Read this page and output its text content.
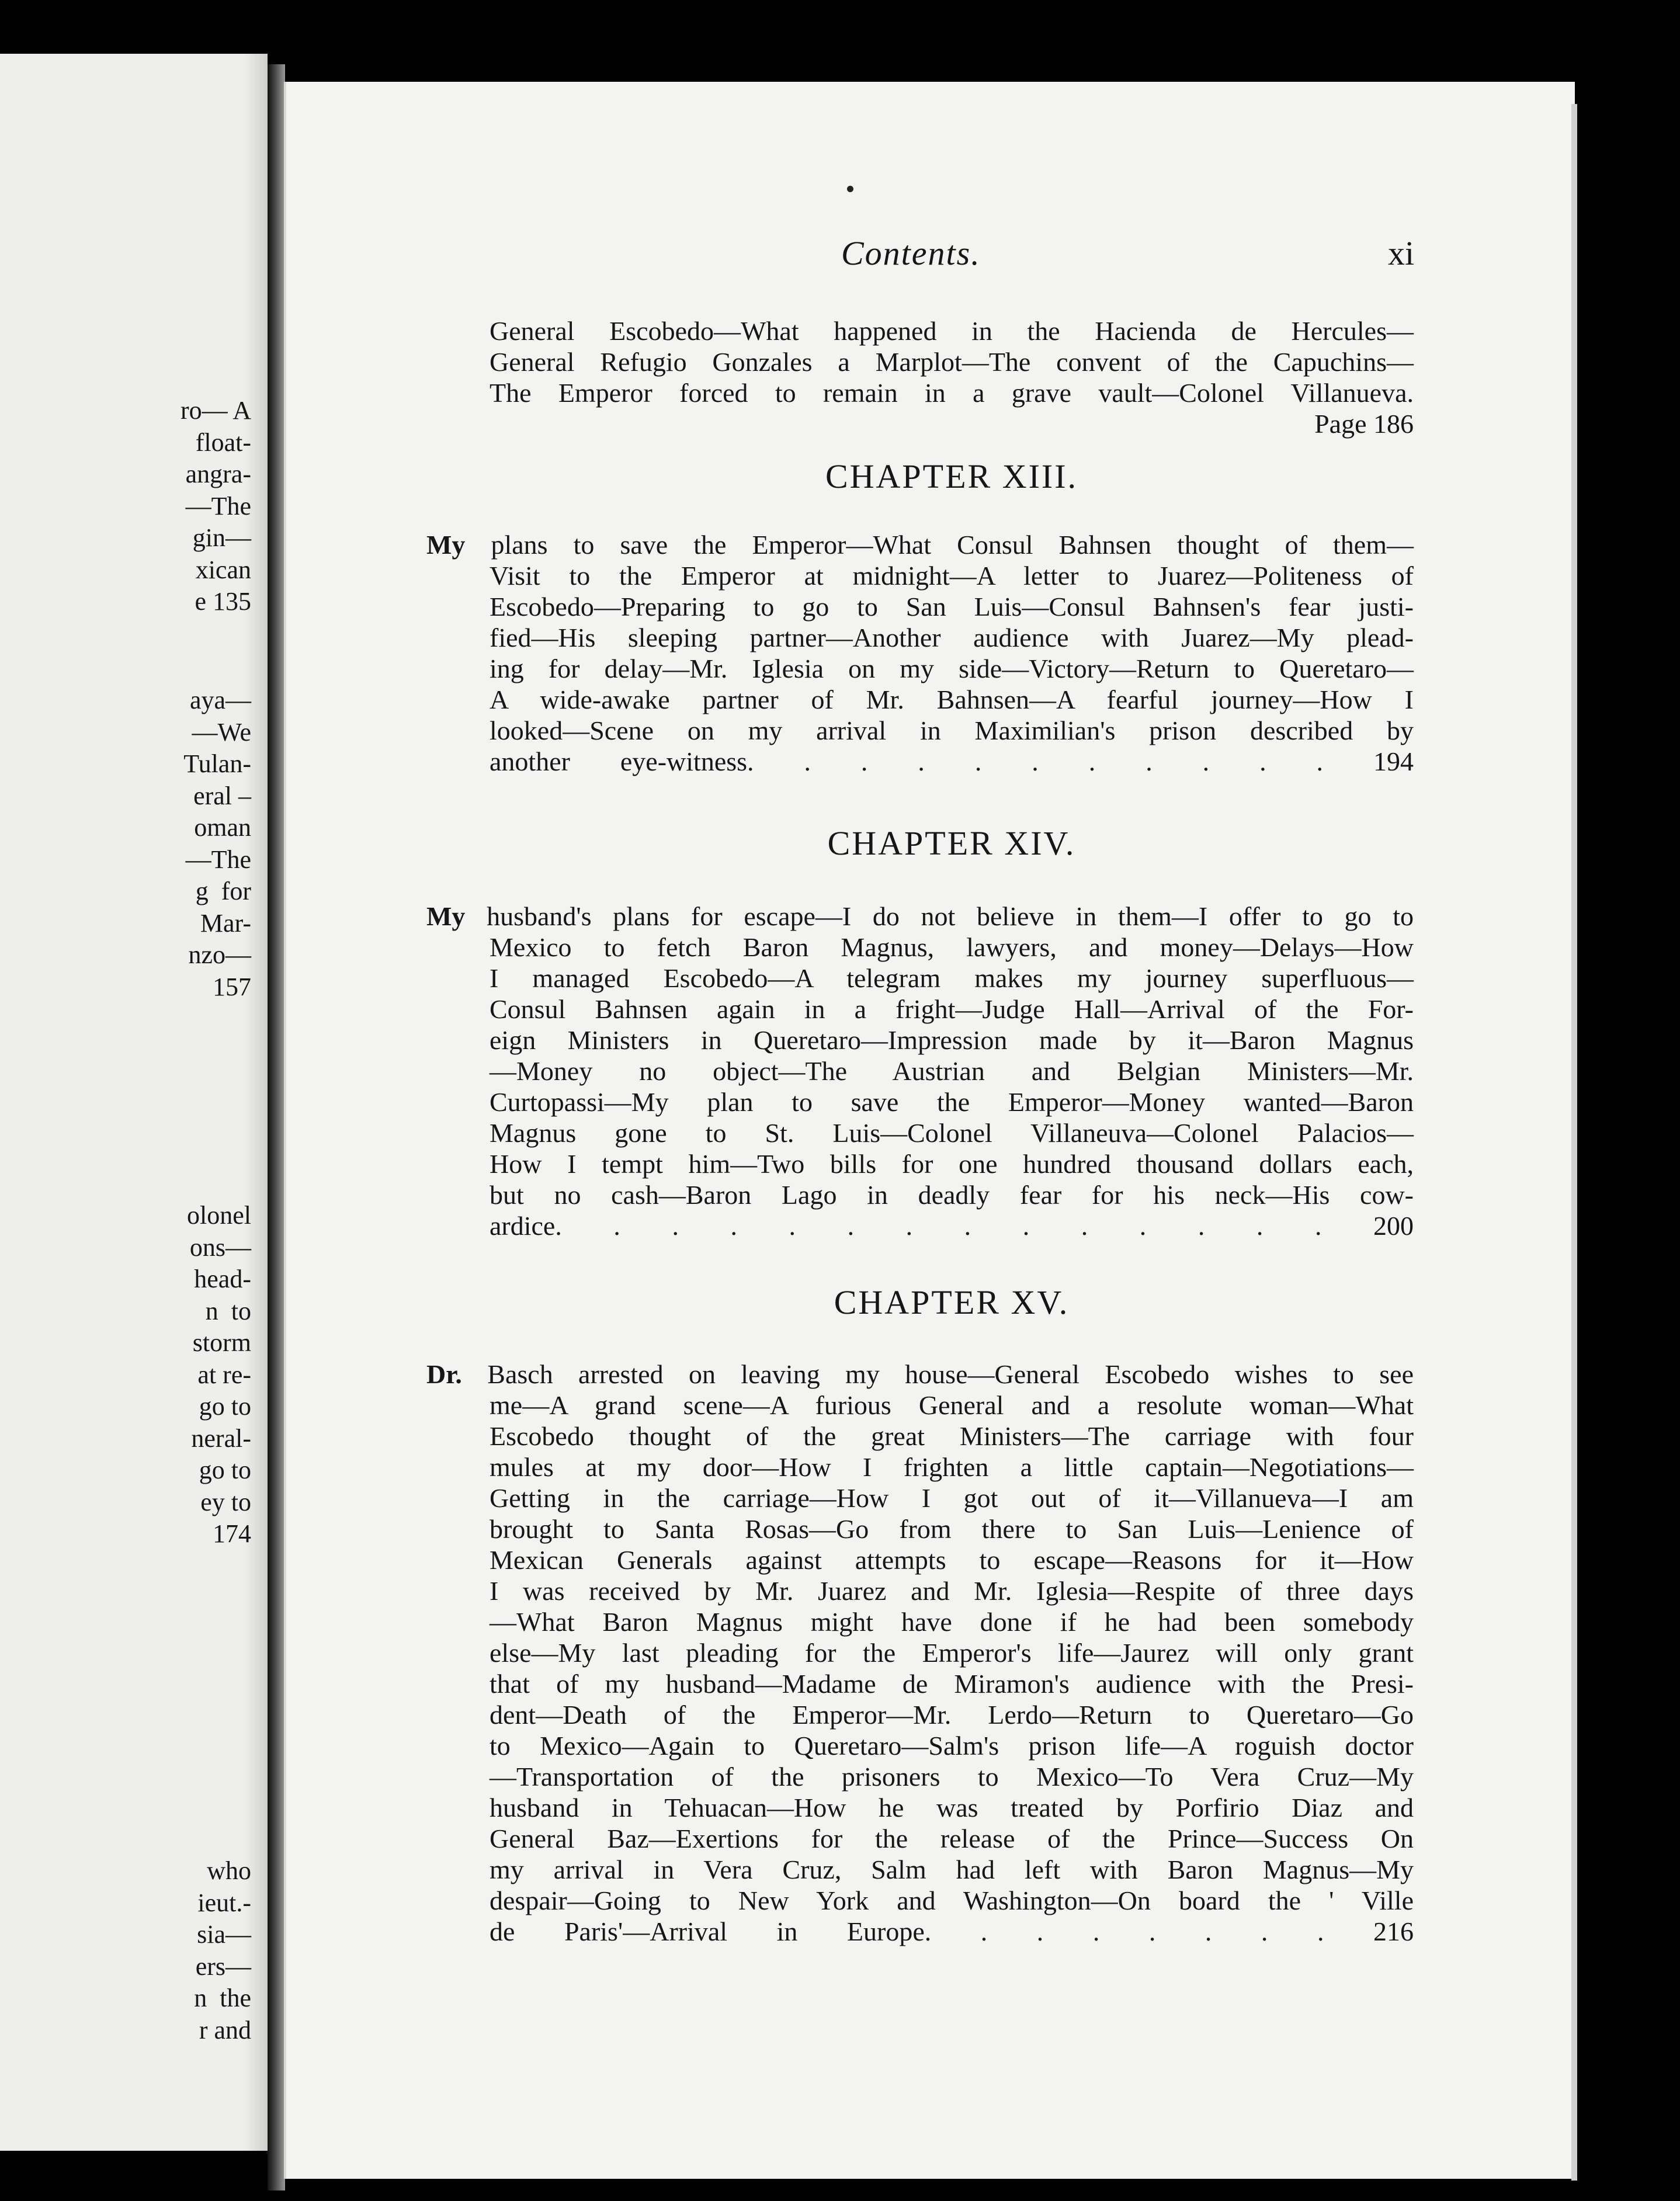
ro— A
float-
angra-
—The
gin—
xican
e 135
aya—
—We
Tulan-
eral –
oman
—The
g  for
Mar-
nzo—
157
olonel
ons—
head-
n  to
storm
at re-
go to
neral-
go to
ey to
174
who
ieut.-
sia—
ers—
n  the
r and
Contents.	xi
General Escobedo—What happened in the Hacienda de Hercules—
General Refugio Gonzales a Marplot—The convent of the Capuchins—
The Emperor forced to remain in a grave vault—Colonel Villanueva.
Page 186
CHAPTER XIII.
My plans to save the Emperor—What Consul Bahnsen thought of them—
Visit to the Emperor at midnight—A letter to Juarez—Politeness of
Escobedo—Preparing to go to San Luis—Consul Bahnsen's fear justi-
fied—His sleeping partner—Another audience with Juarez—My plead-
ing for delay—Mr. Iglesia on my side—Victory—Return to Queretaro—
A wide-awake partner of Mr. Bahnsen—A fearful journey—How I
looked—Scene on my arrival in Maximilian's prison described by
another eye-witness. . . . . . . . . . . 194
CHAPTER XIV.
My husband's plans for escape—I do not believe in them—I offer to go to
Mexico to fetch Baron Magnus, lawyers, and money—Delays—How
I managed Escobedo—A telegram makes my journey superfluous—
Consul Bahnsen again in a fright—Judge Hall—Arrival of the For-
eign Ministers in Queretaro—Impression made by it—Baron Magnus
—Money no object—The Austrian and Belgian Ministers—Mr.
Curtopassi—My plan to save the Emperor—Money wanted—Baron
Magnus gone to St. Luis—Colonel Villaneuva—Colonel Palacios—
How I tempt him—Two bills for one hundred thousand dollars each,
but no cash—Baron Lago in deadly fear for his neck—His cow-
ardice. . . . . . . . . . . . . . 200
CHAPTER XV.
Dr. Basch arrested on leaving my house—General Escobedo wishes to see
me—A grand scene—A furious General and a resolute woman—What
Escobedo thought of the great Ministers—The carriage with four
mules at my door—How I frighten a little captain—Negotiations—
Getting in the carriage—How I got out of it—Villanueva—I am
brought to Santa Rosas—Go from there to San Luis—Lenience of
Mexican Generals against attempts to escape—Reasons for it—How
I was received by Mr. Juarez and Mr. Iglesia—Respite of three days
—What Baron Magnus might have done if he had been somebody
else—My last pleading for the Emperor's life—Jaurez will only grant
that of my husband—Madame de Miramon's audience with the Presi-
dent—Death of the Emperor—Mr. Lerdo—Return to Queretaro—Go
to Mexico—Again to Queretaro—Salm's prison life—A roguish doctor
—Transportation of the prisoners to Mexico—To Vera Cruz—My
husband in Tehuacan—How he was treated by Porfirio Diaz and
General Baz—Exertions for the release of the Prince—Success On
my arrival in Vera Cruz, Salm had left with Baron Magnus—My
despair—Going to New York and Washington—On board the ' Ville
de Paris'—Arrival in Europe. . . . . . . . 216
